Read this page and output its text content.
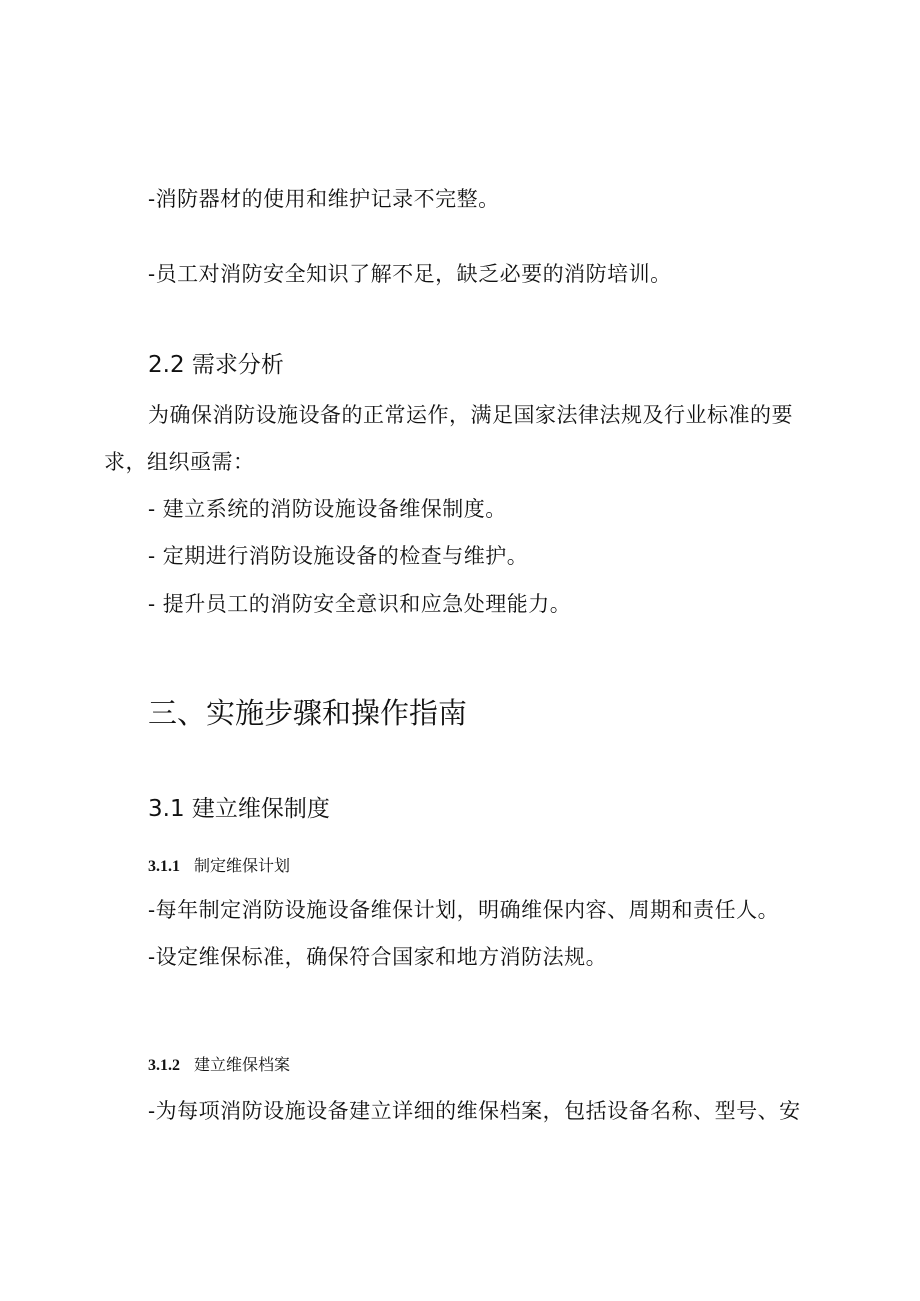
-消防器材的使用和维护记录不完整。
-员工对消防安全知识了解不足，缺乏必要的消防培训。
2.2 需求分析
为确保消防设施设备的正常运作，满足国家法律法规及行业标准的要
求，组织亟需：
- 建立系统的消防设施设备维保制度。
- 定期进行消防设施设备的检查与维护。
- 提升员工的消防安全意识和应急处理能力。
三、实施步骤和操作指南
3.1 建立维保制度
3.1.1 制定维保计划
-每年制定消防设施设备维保计划，明确维保内容、周期和责任人。
-设定维保标准，确保符合国家和地方消防法规。
3.1.2 建立维保档案
-为每项消防设施设备建立详细的维保档案，包括设备名称、型号、安
